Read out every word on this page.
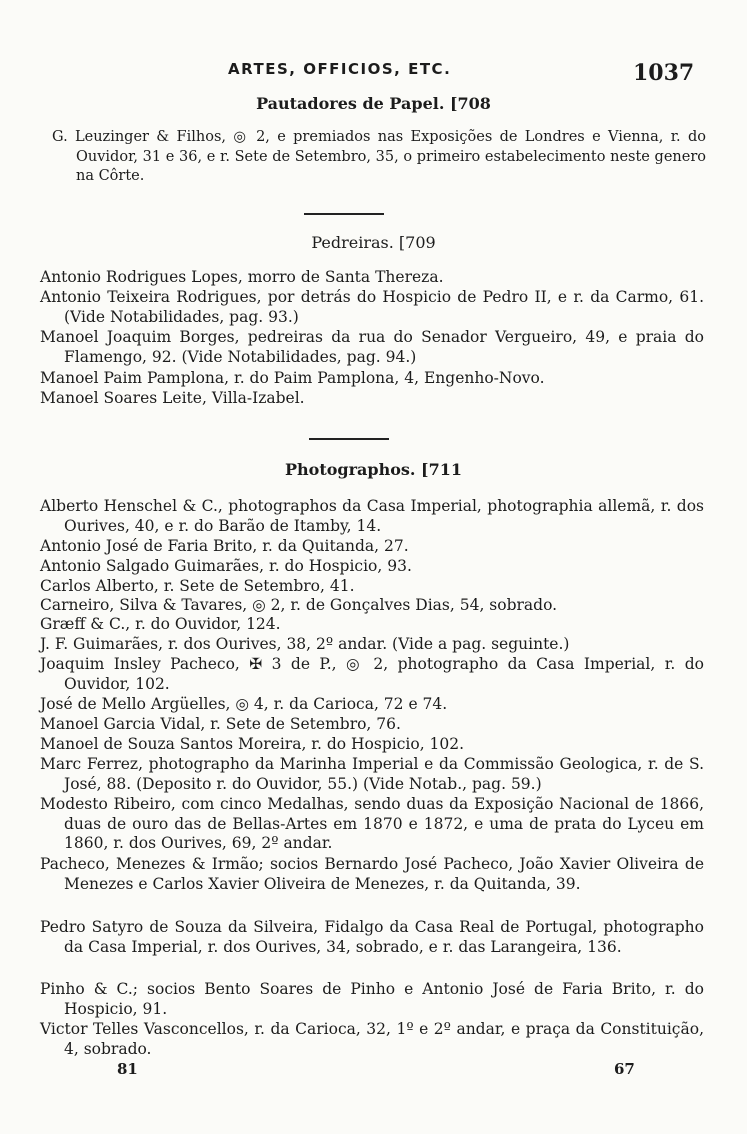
ARTES, OFFICIOS, ETC.	1037
Pautadores de Papel. [708
G. Leuzinger & Filhos, ◎ 2, e premiados nas Exposições de Londres e Vienna, r. do Ouvidor, 31 e 36, e r. Sete de Setembro, 35, o primeiro estabelecimento neste genero na Côrte.
Pedreiras. [709
Antonio Rodrigues Lopes, morro de Santa Thereza.
Antonio Teixeira Rodrigues, por detrás do Hospicio de Pedro II, e r. da Carmo, 61. (Vide Notabilidades, pag. 93.)
Manoel Joaquim Borges, pedreiras da rua do Senador Vergueiro, 49, e praia do Flamengo, 92. (Vide Notabilidades, pag. 94.)
Manoel Paim Pamplona, r. do Paim Pamplona, 4, Engenho-Novo.
Manoel Soares Leite, Villa-Izabel.
Photographos. [711
Alberto Henschel & C., photographos da Casa Imperial, photographia allemã, r. dos Ourives, 40, e r. do Barão de Itamby, 14.
Antonio José de Faria Brito, r. da Quitanda, 27.
Antonio Salgado Guimarães, r. do Hospicio, 93.
Carlos Alberto, r. Sete de Setembro, 41.
Carneiro, Silva & Tavares, ◎ 2, r. de Gonçalves Dias, 54, sobrado.
Græff & C., r. do Ouvidor, 124.
J. F. Guimarães, r. dos Ourives, 38, 2º andar. (Vide a pag. seguinte.)
Joaquim Insley Pacheco, ✠ 3 de P., ◎ 2, photographo da Casa Imperial, r. do Ouvidor, 102.
José de Mello Argüelles, ◎ 4, r. da Carioca, 72 e 74.
Manoel Garcia Vidal, r. Sete de Setembro, 76.
Manoel de Souza Santos Moreira, r. do Hospicio, 102.
Marc Ferrez, photographo da Marinha Imperial e da Commissão Geologica, r. de S. José, 88. (Deposito r. do Ouvidor, 55.) (Vide Notab., pag. 59.)
Modesto Ribeiro, com cinco Medalhas, sendo duas da Exposição Nacional de 1866, duas de ouro das de Bellas-Artes em 1870 e 1872, e uma de prata do Lyceu em 1860, r. dos Ourives, 69, 2º andar.
Pacheco, Menezes & Irmão; socios Bernardo José Pacheco, João Xavier Oliveira de Menezes e Carlos Xavier Oliveira de Menezes, r. da Quitanda, 39.
Pedro Satyro de Souza da Silveira, Fidalgo da Casa Real de Portugal, photographo da Casa Imperial, r. dos Ourives, 34, sobrado, e r. das Larangeira, 136.
Pinho & C.; socios Bento Soares de Pinho e Antonio José de Faria Brito, r. do Hospicio, 91.
Victor Telles Vasconcellos, r. da Carioca, 32, 1º e 2º andar, e praça da Constituição, 4, sobrado.
81	67
